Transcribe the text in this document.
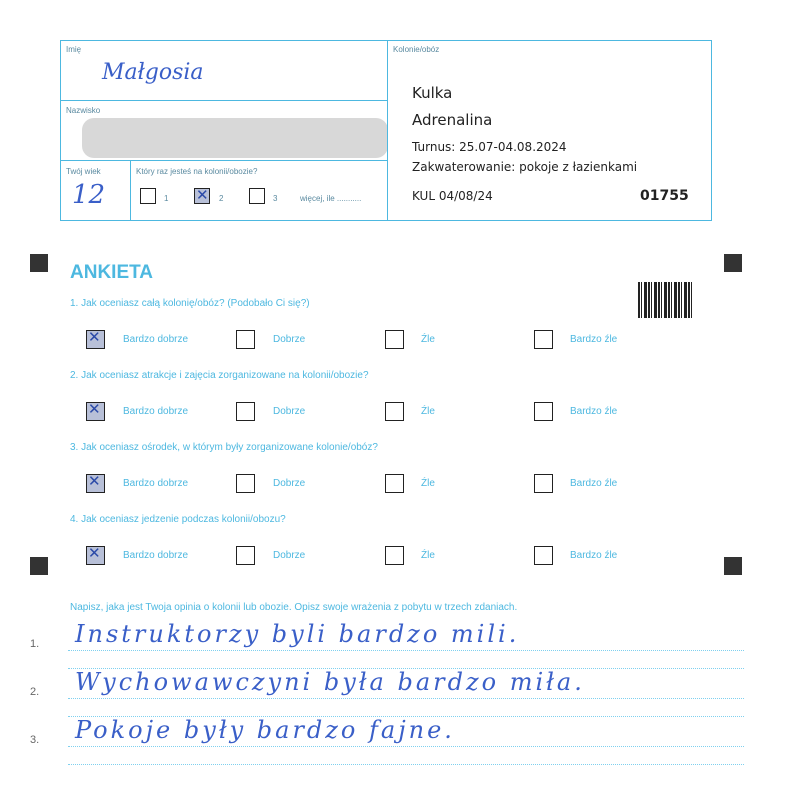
Imię
Małgosia
Nazwisko
Twój wiek
12
Który raz jesteś na kolonii/obozie?
1
✕	2	3	więcej, ile ...........
Kolonie/obóz
Kulka
Adrenalina
Turnus: 25.07-04.08.2024
Zakwaterowanie: pokoje z łazienkami
KUL 04/08/24	01755
ANKIETA
1. Jak oceniasz całą kolonię/obóz? (Podobało Ci się?)
✕
Bardzo dobrze	Dobrze	Źle	Bardzo źle
2. Jak oceniasz atrakcje i zajęcia zorganizowane na kolonii/obozie?
✕
Bardzo dobrze	Dobrze	Źle	Bardzo źle
3. Jak oceniasz ośrodek, w którym były zorganizowane kolonie/obóz?
✕
Bardzo dobrze	Dobrze	Źle	Bardzo źle
4. Jak oceniasz jedzenie podczas kolonii/obozu?
✕
Bardzo dobrze	Dobrze	Źle	Bardzo źle
Napisz, jaka jest Twoja opinia o kolonii lub obozie. Opisz swoje wrażenia z pobytu w trzech zdaniach.
1. Instruktorzy byli bardzo mili.
2. Wychowawczyni była bardzo miła.
3. Pokoje były bardzo fajne.
